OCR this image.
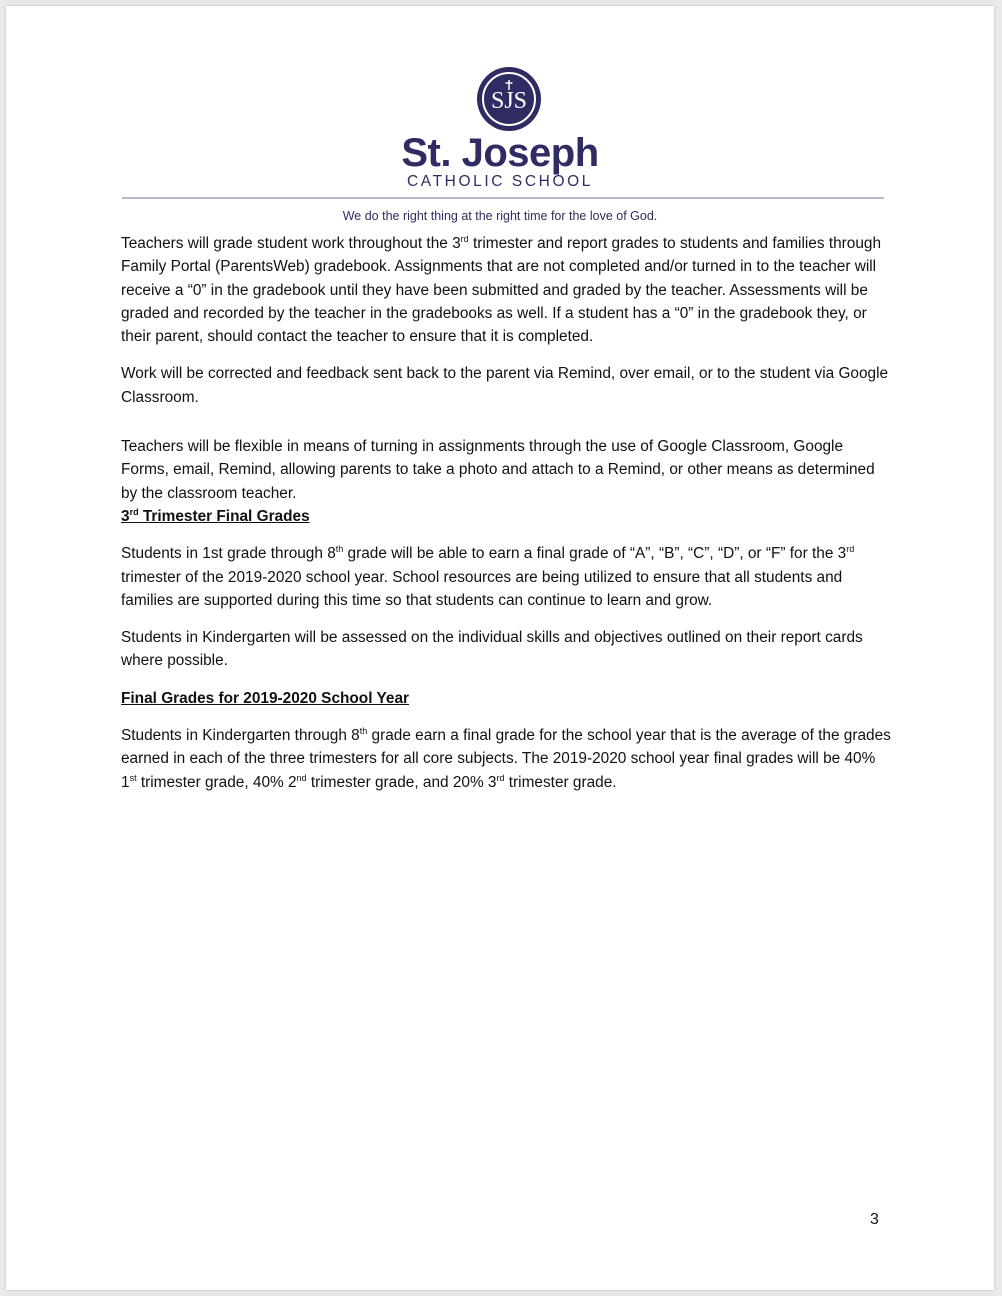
SJS
St. Joseph
CATHOLIC SCHOOL
We do the right thing at the right time for the love of God.

Teachers will grade student work throughout the 3rd trimester and report grades to students and families through Family Portal (ParentsWeb) gradebook. Assignments that are not completed and/or turned in to the teacher will receive a “0” in the gradebook until they have been submitted and graded by the teacher. Assessments will be graded and recorded by the teacher in the gradebooks as well. If a student has a “0” in the gradebook they, or their parent, should contact the teacher to ensure that it is completed.

Work will be corrected and feedback sent back to the parent via Remind, over email, or to the student via Google Classroom.

Teachers will be flexible in means of turning in assignments through the use of Google Classroom, Google Forms, email, Remind, allowing parents to take a photo and attach to a Remind, or other means as determined by the classroom teacher.

3rd Trimester Final Grades

Students in 1st grade through 8th grade will be able to earn a final grade of “A”, “B”, “C”, “D”, or “F” for the 3rd trimester of the 2019-2020 school year. School resources are being utilized to ensure that all students and families are supported during this time so that students can continue to learn and grow.

Students in Kindergarten will be assessed on the individual skills and objectives outlined on their report cards where possible.

Final Grades for 2019-2020 School Year

Students in Kindergarten through 8th grade earn a final grade for the school year that is the average of the grades earned in each of the three trimesters for all core subjects. The 2019-2020 school year final grades will be 40% 1st trimester grade, 40% 2nd trimester grade, and 20% 3rd trimester grade.

3
